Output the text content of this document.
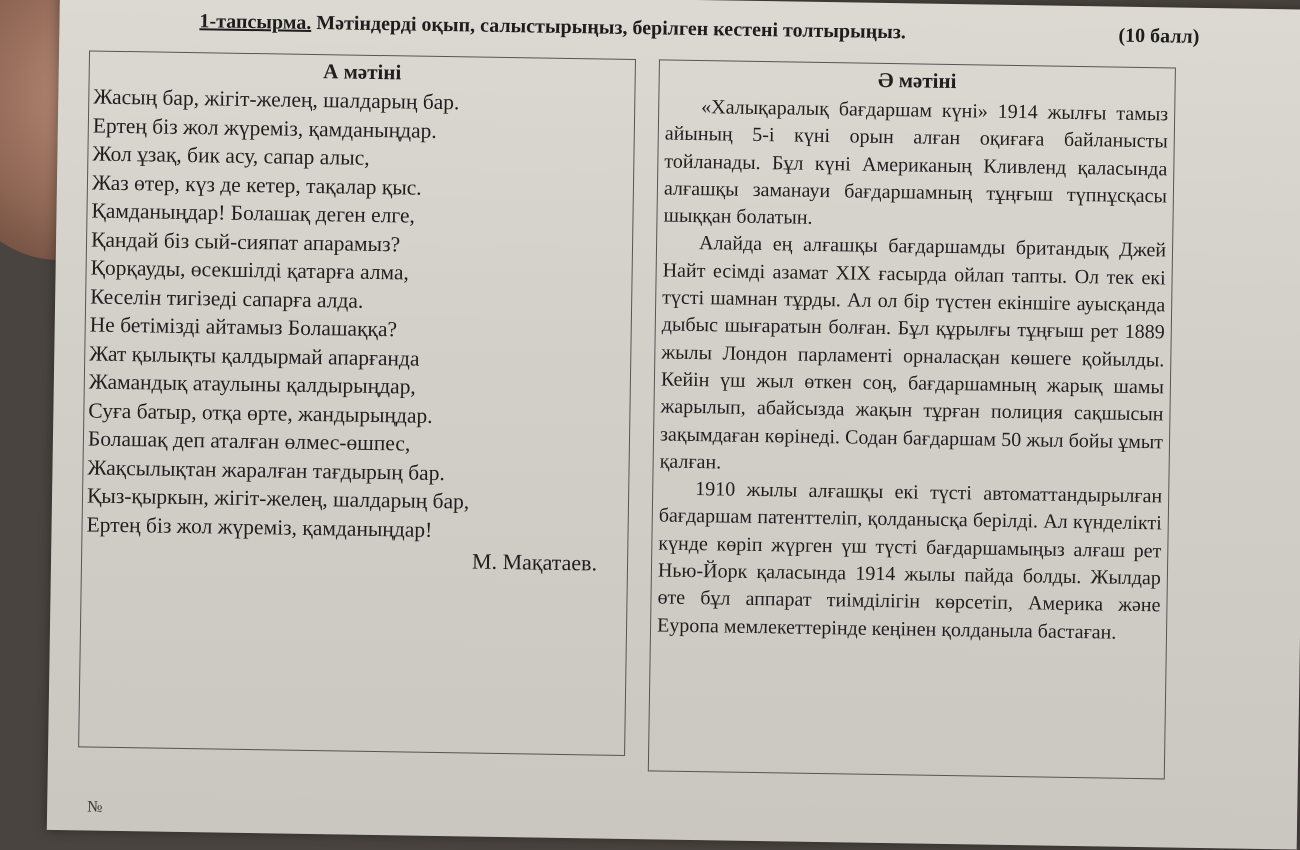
1-тапсырма. Мәтіндерді оқып, салыстырыңыз, берілген кестені толтырыңыз.	(10 балл)
А мәтіні
Жасың бар, жігіт-желең, шалдарың бар.
Ертең біз жол жүреміз, қамданыңдар.
Жол ұзақ, бик асу, сапар алыс,
Жаз өтер, күз де кетер, тақалар қыс.
Қамданыңдар! Болашақ деген елге,
Қандай біз сый-сияпат апарамыз?
Қорқауды, өсекшілді қатарға алма,
Кеселін тигізеді сапарға алда.
Не бетімізді айтамыз Болашаққа?
Жат қылықты қалдырмай апарғанда
Жамандық атаулыны қалдырыңдар,
Суға батыр, отқа өрте, жандырыңдар.
Болашақ деп аталған өлмес-өшпес,
Жақсылықтан жаралған тағдырың бар.
Қыз-қыркын, жігіт-желең, шалдарың бар,
Ертең біз жол жүреміз, қамданыңдар!
М. Мақатаев.
Ә мәтіні

«Халықаралық бағдаршам күні» 1914 жылғы тамыз айының 5-і күні орын алған оқиғаға байланысты тойланады. Бұл күні Американың Кливленд қаласында алғашқы заманауи бағдаршамның тұңғыш түпнұсқасы шыққан болатын.

Алайда ең алғашқы бағдаршамды британдық Джей Найт есімді азамат XIX ғасырда ойлап тапты. Ол тек екі түсті шамнан тұрды. Ал ол бір түстен екіншіге ауысқанда дыбыс шығаратын болған. Бұл құрылғы тұңғыш рет 1889 жылы Лондон парламенті орналасқан көшеге қойылды. Кейін үш жыл өткен соң, бағдаршамның жарық шамы жарылып, абайсызда жақын тұрған полиция сақшысын зақымдаған көрінеді. Содан бағдаршам 50 жыл бойы ұмыт қалған.

1910 жылы алғашқы екі түсті автоматтандырылған бағдаршам патенттеліп, қолданысқа берілді. Ал күнделікті күнде көріп жүрген үш түсті бағдаршамыңыз алғаш рет Нью-Йорк қаласында 1914 жылы пайда болды. Жылдар өте бұл аппарат тиімділігін көрсетіп, Америка және Еуропа мемлекеттерінде кеңінен қолданыла бастаған.

№
